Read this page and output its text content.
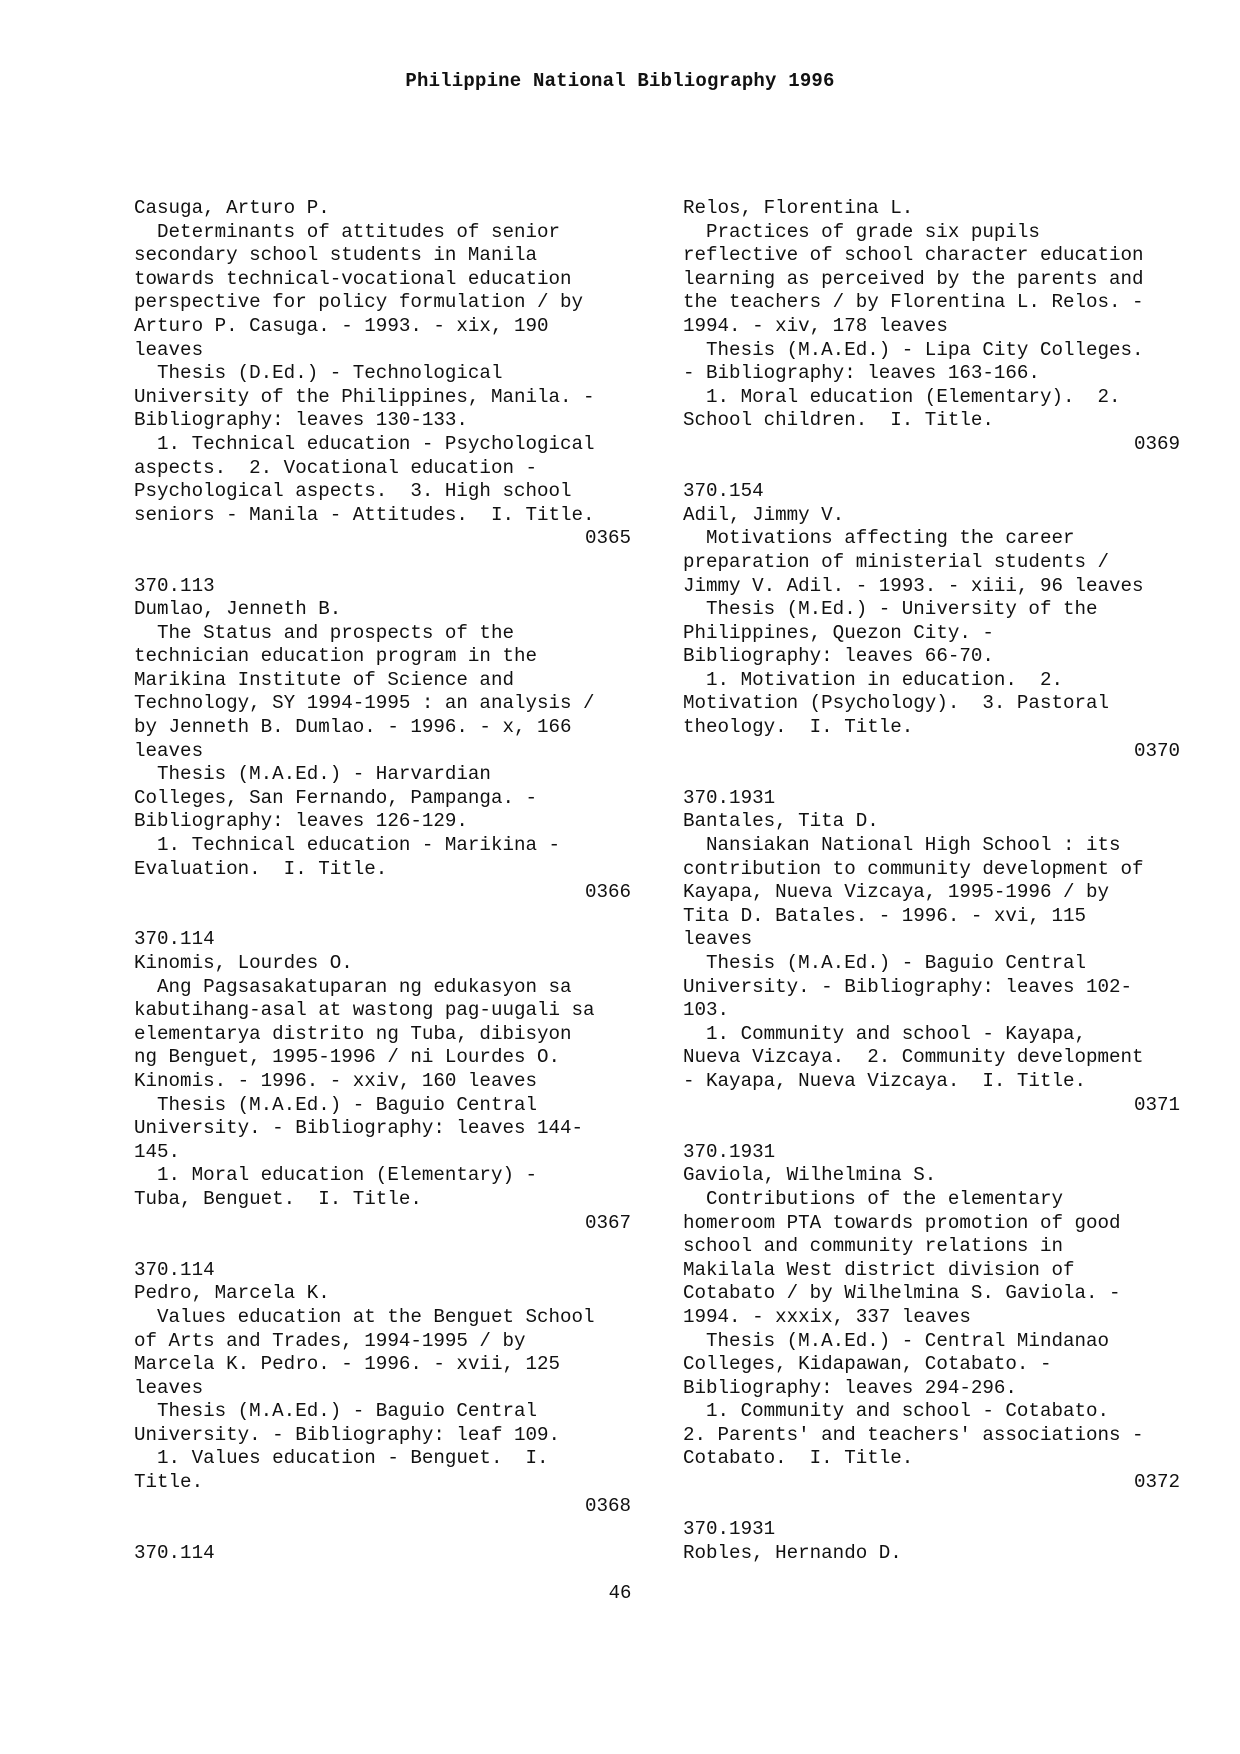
Philippine National Bibliography 1996
Casuga, Arturo P.
Determinants of attitudes of senior
secondary school students in Manila
towards technical-vocational education
perspective for policy formulation / by
Arturo P. Casuga. - 1993. - xix, 190
leaves
Thesis (D.Ed.) - Technological
University of the Philippines, Manila. -
Bibliography: leaves 130-133.
1. Technical education - Psychological
aspects.  2. Vocational education -
Psychological aspects.  3. High school
seniors - Manila - Attitudes.  I. Title.
0365
370.113
Dumlao, Jenneth B.
The Status and prospects of the
technician education program in the
Marikina Institute of Science and
Technology, SY 1994-1995 : an analysis /
by Jenneth B. Dumlao. - 1996. - x, 166
leaves
Thesis (M.A.Ed.) - Harvardian
Colleges, San Fernando, Pampanga. -
Bibliography: leaves 126-129.
1. Technical education - Marikina -
Evaluation.  I. Title.
0366
370.114
Kinomis, Lourdes O.
Ang Pagsasakatuparan ng edukasyon sa
kabutihang-asal at wastong pag-uugali sa
elementarya distrito ng Tuba, dibisyon
ng Benguet, 1995-1996 / ni Lourdes O.
Kinomis. - 1996. - xxiv, 160 leaves
Thesis (M.A.Ed.) - Baguio Central
University. - Bibliography: leaves 144-
145.
1. Moral education (Elementary) -
Tuba, Benguet.  I. Title.
0367
370.114
Pedro, Marcela K.
Values education at the Benguet School
of Arts and Trades, 1994-1995 / by
Marcela K. Pedro. - 1996. - xvii, 125
leaves
Thesis (M.A.Ed.) - Baguio Central
University. - Bibliography: leaf 109.
1. Values education - Benguet.  I.
Title.
0368
370.114
Relos, Florentina L.
Practices of grade six pupils
reflective of school character education
learning as perceived by the parents and
the teachers / by Florentina L. Relos. -
1994. - xiv, 178 leaves
Thesis (M.A.Ed.) - Lipa City Colleges.
- Bibliography: leaves 163-166.
1. Moral education (Elementary).  2.
School children.  I. Title.
0369
370.154
Adil, Jimmy V.
Motivations affecting the career
preparation of ministerial students /
Jimmy V. Adil. - 1993. - xiii, 96 leaves
Thesis (M.Ed.) - University of the
Philippines, Quezon City. -
Bibliography: leaves 66-70.
1. Motivation in education.  2.
Motivation (Psychology).  3. Pastoral
theology.  I. Title.
0370
370.1931
Bantales, Tita D.
Nansiakan National High School : its
contribution to community development of
Kayapa, Nueva Vizcaya, 1995-1996 / by
Tita D. Batales. - 1996. - xvi, 115
leaves
Thesis (M.A.Ed.) - Baguio Central
University. - Bibliography: leaves 102-
103.
1. Community and school - Kayapa,
Nueva Vizcaya.  2. Community development
- Kayapa, Nueva Vizcaya.  I. Title.
0371
370.1931
Gaviola, Wilhelmina S.
Contributions of the elementary
homeroom PTA towards promotion of good
school and community relations in
Makilala West district division of
Cotabato / by Wilhelmina S. Gaviola. -
1994. - xxxix, 337 leaves
Thesis (M.A.Ed.) - Central Mindanao
Colleges, Kidapawan, Cotabato. -
Bibliography: leaves 294-296.
1. Community and school - Cotabato.
2. Parents' and teachers' associations -
Cotabato.  I. Title.
0372
370.1931
Robles, Hernando D.
46
